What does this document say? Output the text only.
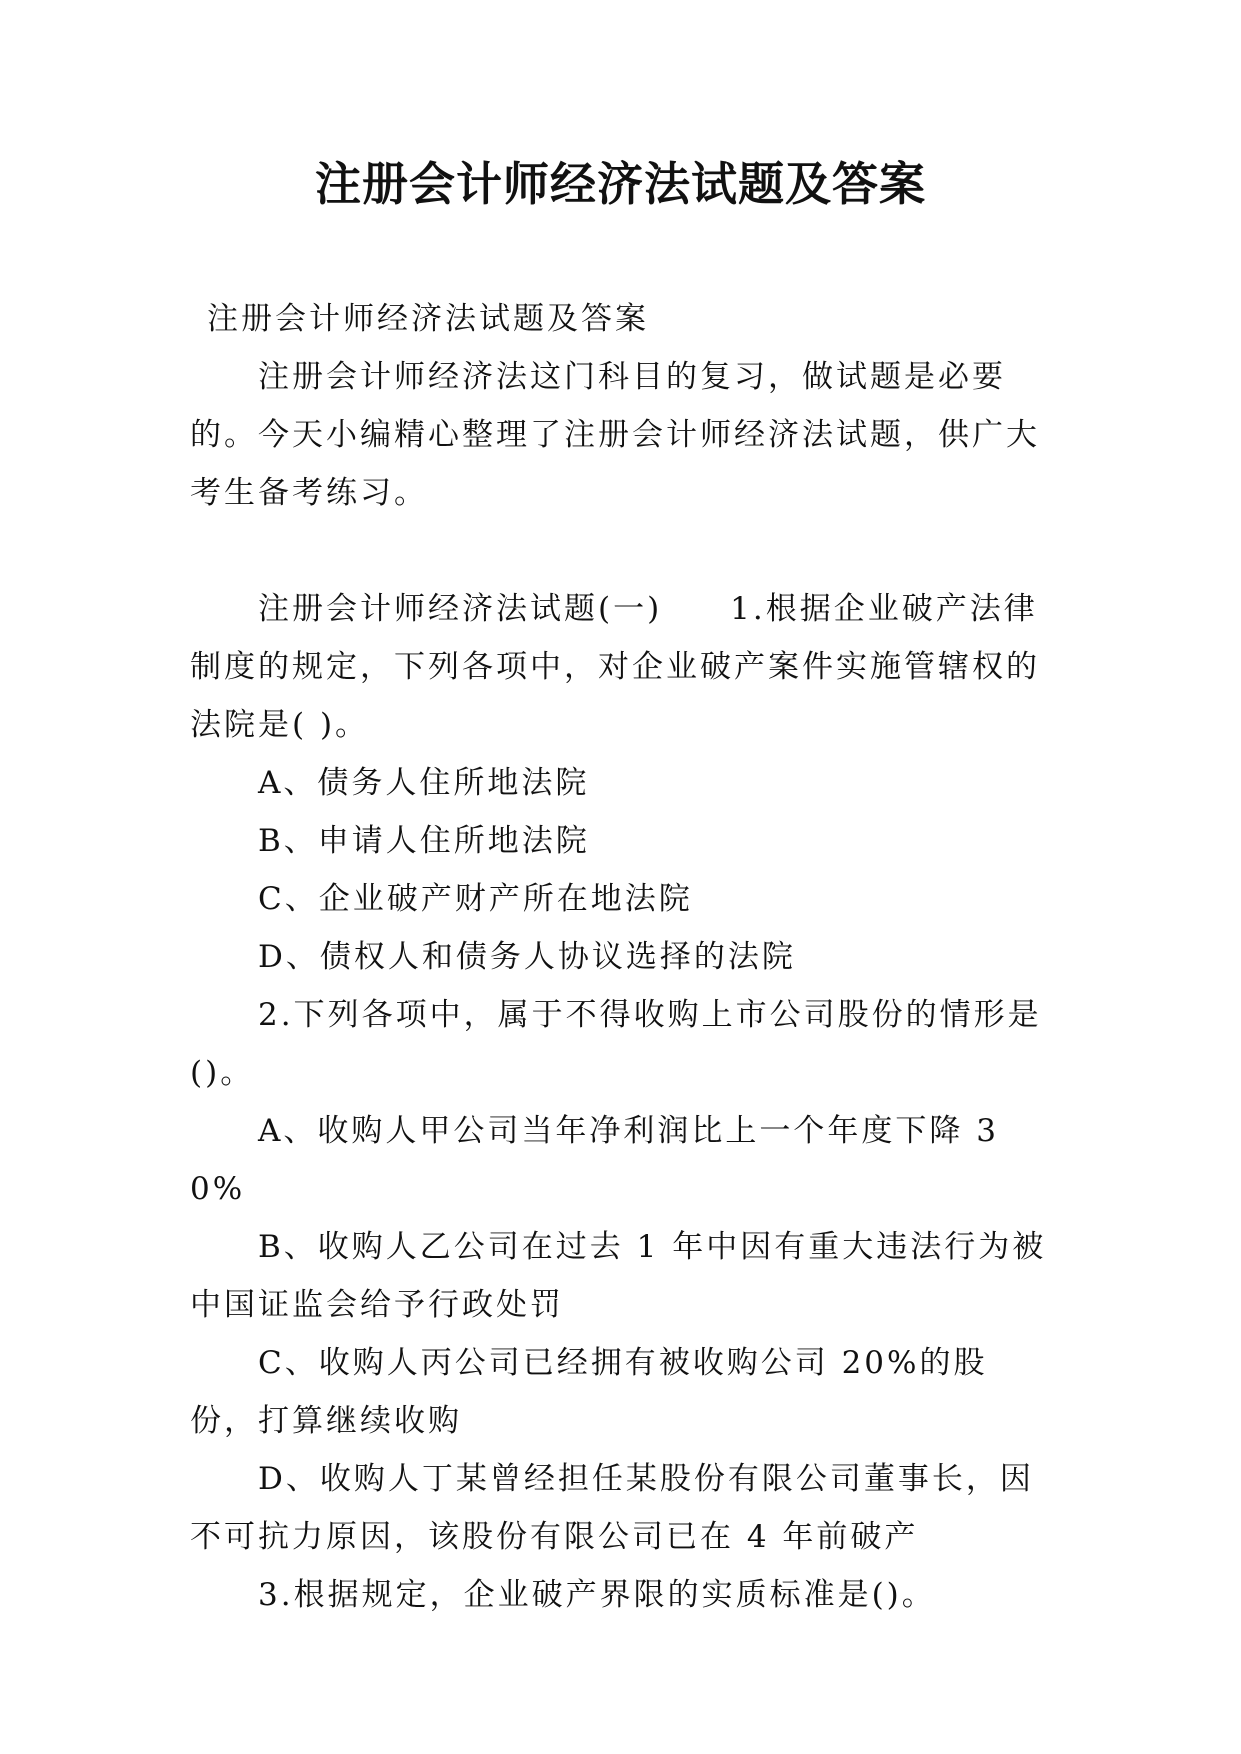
注册会计师经济法试题及答案

注册会计师经济法试题及答案

注册会计师经济法这门科目的复习，做试题是必要的。今天小编精心整理了注册会计师经济法试题，供广大考生备考练习。

注册会计师经济法试题(一)　　1.根据企业破产法律制度的规定，下列各项中，对企业破产案件实施管辖权的法院是( )。

A、债务人住所地法院

B、申请人住所地法院

C、企业破产财产所在地法院

D、债权人和债务人协议选择的法院

2.下列各项中，属于不得收购上市公司股份的情形是()。

A、收购人甲公司当年净利润比上一个年度下降 30%

B、收购人乙公司在过去 1 年中因有重大违法行为被中国证监会给予行政处罚

C、收购人丙公司已经拥有被收购公司 20%的股份，打算继续收购

D、收购人丁某曾经担任某股份有限公司董事长，因不可抗力原因，该股份有限公司已在 4 年前破产

3.根据规定，企业破产界限的实质标准是()。
